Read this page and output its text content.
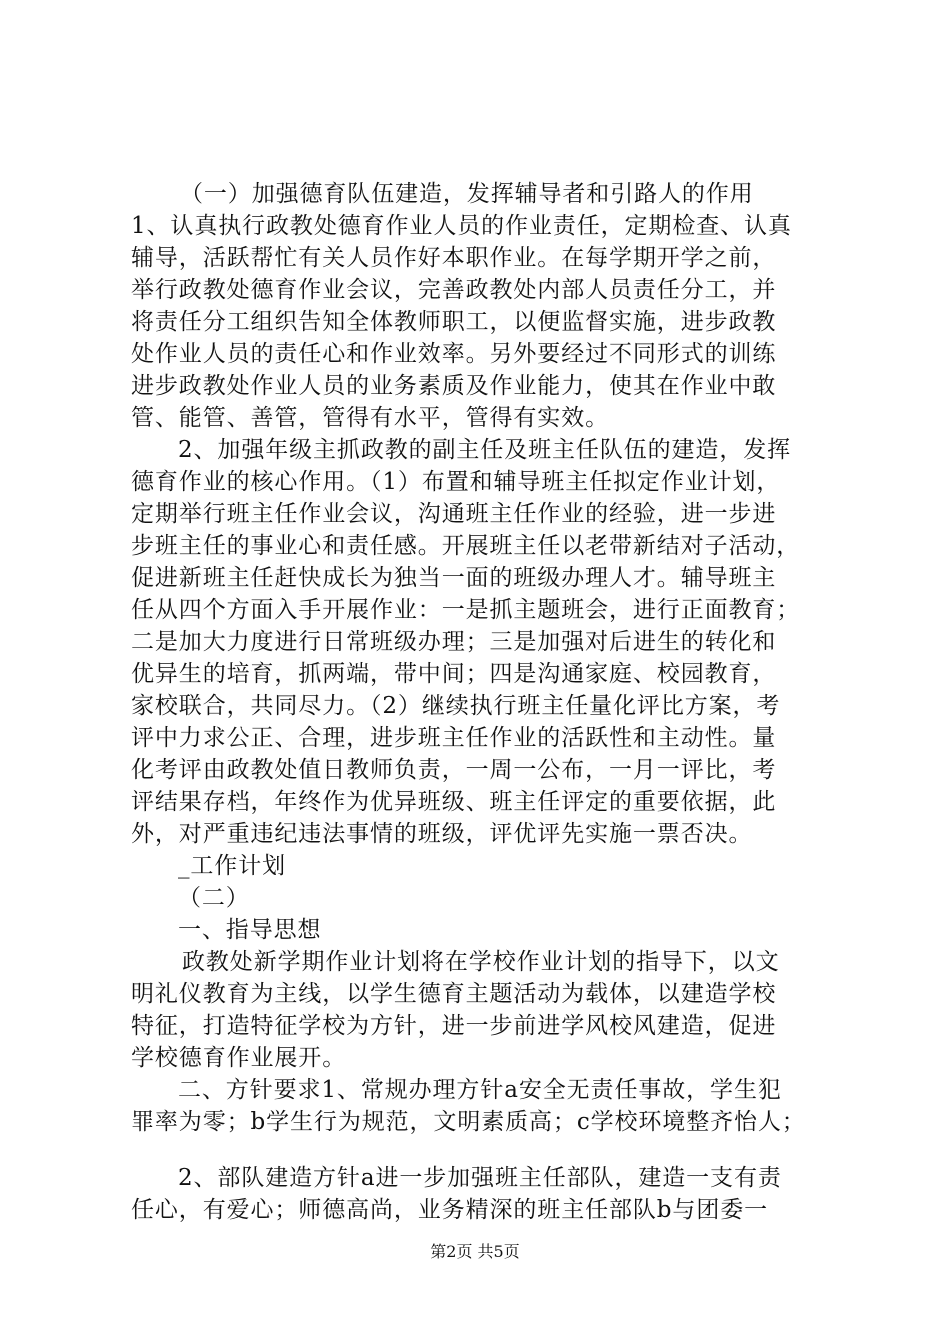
（一）加强德育队伍建造，发挥辅导者和引路人的作用
1、认真执行政教处德育作业人员的作业责任，定期检查、认真
辅导，活跃帮忙有关人员作好本职作业。在每学期开学之前，
举行政教处德育作业会议，完善政教处内部人员责任分工，并
将责任分工组织告知全体教师职工，以便监督实施，进步政教
处作业人员的责任心和作业效率。另外要经过不同形式的训练
进步政教处作业人员的业务素质及作业能力，使其在作业中敢
管、能管、善管，管得有水平，管得有实效。
2、加强年级主抓政教的副主任及班主任队伍的建造，发挥
德育作业的核心作用。（1）布置和辅导班主任拟定作业计划，
定期举行班主任作业会议，沟通班主任作业的经验，进一步进
步班主任的事业心和责任感。开展班主任以老带新结对子活动，
促进新班主任赶快成长为独当一面的班级办理人才。辅导班主
任从四个方面入手开展作业：一是抓主题班会，进行正面教育；
二是加大力度进行日常班级办理；三是加强对后进生的转化和
优异生的培育，抓两端，带中间；四是沟通家庭、校园教育，
家校联合，共同尽力。（2）继续执行班主任量化评比方案，考
评中力求公正、合理，进步班主任作业的活跃性和主动性。量
化考评由政教处值日教师负责，一周一公布，一月一评比，考
评结果存档，年终作为优异班级、班主任评定的重要依据，此
外，对严重违纪违法事情的班级，评优评先实施一票否决。
_工作计划
（二）
一、指导思想
政教处新学期作业计划将在学校作业计划的指导下，以文
明礼仪教育为主线，以学生德育主题活动为载体，以建造学校
特征，打造特征学校为方针，进一步前进学风校风建造，促进
学校德育作业展开。
二、方针要求1、常规办理方针a安全无责任事故，学生犯
罪率为零；b学生行为规范，文明素质高；c学校环境整齐怡人；
2、部队建造方针a进一步加强班主任部队，建造一支有责
任心，有爱心；师德高尚，业务精深的班主任部队b与团委一
第2页 共5页
